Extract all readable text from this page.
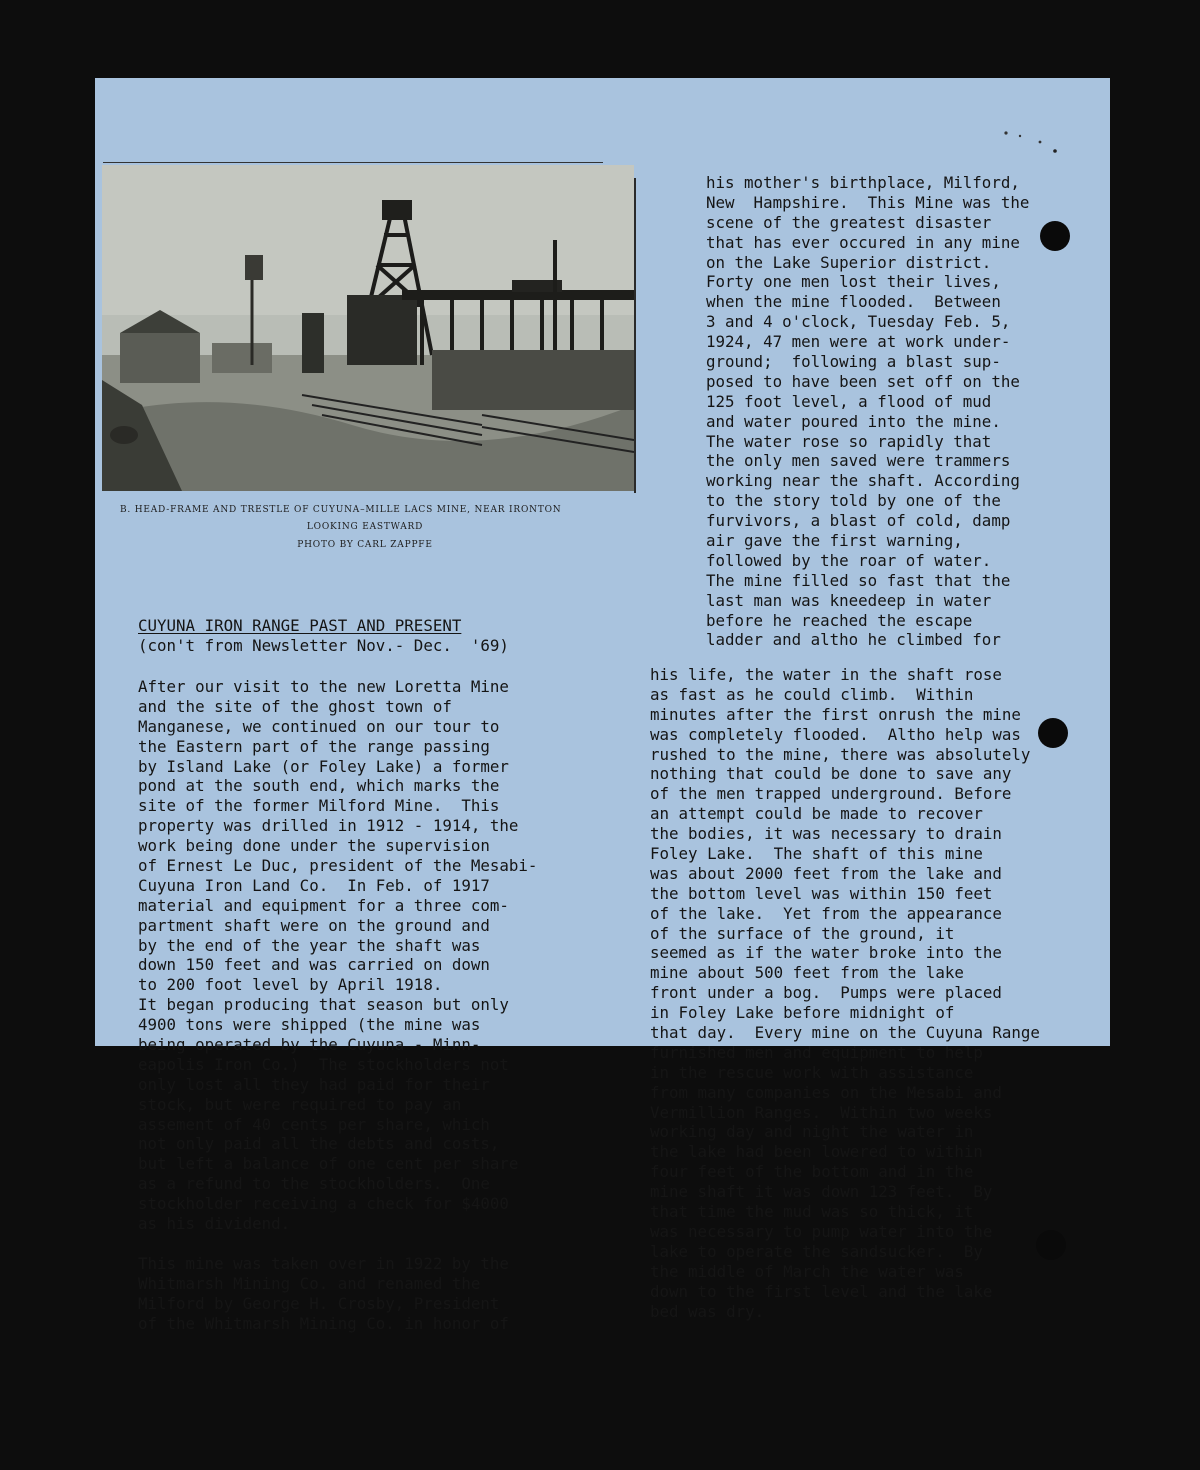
B. HEAD-FRAME AND TRESTLE OF CUYUNA–MILLE LACS MINE, NEAR IRONTON
LOOKING EASTWARD
PHOTO BY CARL ZAPPFE
CUYUNA IRON RANGE PAST AND PRESENT
(con't from Newsletter Nov.- Dec.  '69)
After our visit to the new Loretta Mine
and the site of the ghost town of
Manganese, we continued on our tour to
the Eastern part of the range passing
by Island Lake (or Foley Lake) a former
pond at the south end, which marks the
site of the former Milford Mine.  This
property was drilled in 1912 - 1914, the
work being done under the supervision
of Ernest Le Duc, president of the Mesabi-
Cuyuna Iron Land Co.  In Feb. of 1917
material and equipment for a three com-
partment shaft were on the ground and
by the end of the year the shaft was
down 150 feet and was carried on down
to 200 foot level by April 1918.
It began producing that season but only
4900 tons were shipped (the mine was
being operated by the Cuyuna - Minn-
eapolis Iron Co.)  The stockholders not
only lost all they had paid for their
stock, but were required to pay an
assement of 40 cents per share, which
not only paid all the debts and costs,
but left a balance of one cent per share
as a refund to the stockholders.  One
stockholder receiving a check for $4000
as his dividend.
This mine was taken over in 1922 by the
Whitmarsh Mining Co. and renamed the
Milford by George H. Crosby, President
of the Whitmarsh Mining Co. in honor of
his mother's birthplace, Milford,
New  Hampshire.  This Mine was the
scene of the greatest disaster
that has ever occured in any mine
on the Lake Superior district.
Forty one men lost their lives,
when the mine flooded.  Between
3 and 4 o'clock, Tuesday Feb. 5,
1924, 47 men were at work under-
ground;  following a blast sup-
posed to have been set off on the
125 foot level, a flood of mud
and water poured into the mine.
The water rose so rapidly that
the only men saved were trammers
working near the shaft. According
to the story told by one of the
furvivors, a blast of cold, damp
air gave the first warning,
followed by the roar of water.
The mine filled so fast that the
last man was kneedeep in water
before he reached the escape
ladder and altho he climbed for
his life, the water in the shaft rose
as fast as he could climb.  Within
minutes after the first onrush the mine
was completely flooded.  Altho help was
rushed to the mine, there was absolutely
nothing that could be done to save any
of the men trapped underground. Before
an attempt could be made to recover
the bodies, it was necessary to drain
Foley Lake.  The shaft of this mine
was about 2000 feet from the lake and
the bottom level was within 150 feet
of the lake.  Yet from the appearance
of the surface of the ground, it
seemed as if the water broke into the
mine about 500 feet from the lake
front under a bog.  Pumps were placed
in Foley Lake before midnight of
that day.  Every mine on the Cuyuna Range
furnished men and equipment to help
in the rescue work with assistance
from many companies on the Mesabi and
Vermillion Ranges.  Within two weeks
working day and night the water in
the lake had been lowered to within
four feet of the bottom and in the
mine shaft it was down 123 feet.  By
that time the mud was so thick, it
was necessary to pump water into the
lake to operate the sandsucker.  By
the middle of March the water was
down to the first level and the lake
bed was dry.
